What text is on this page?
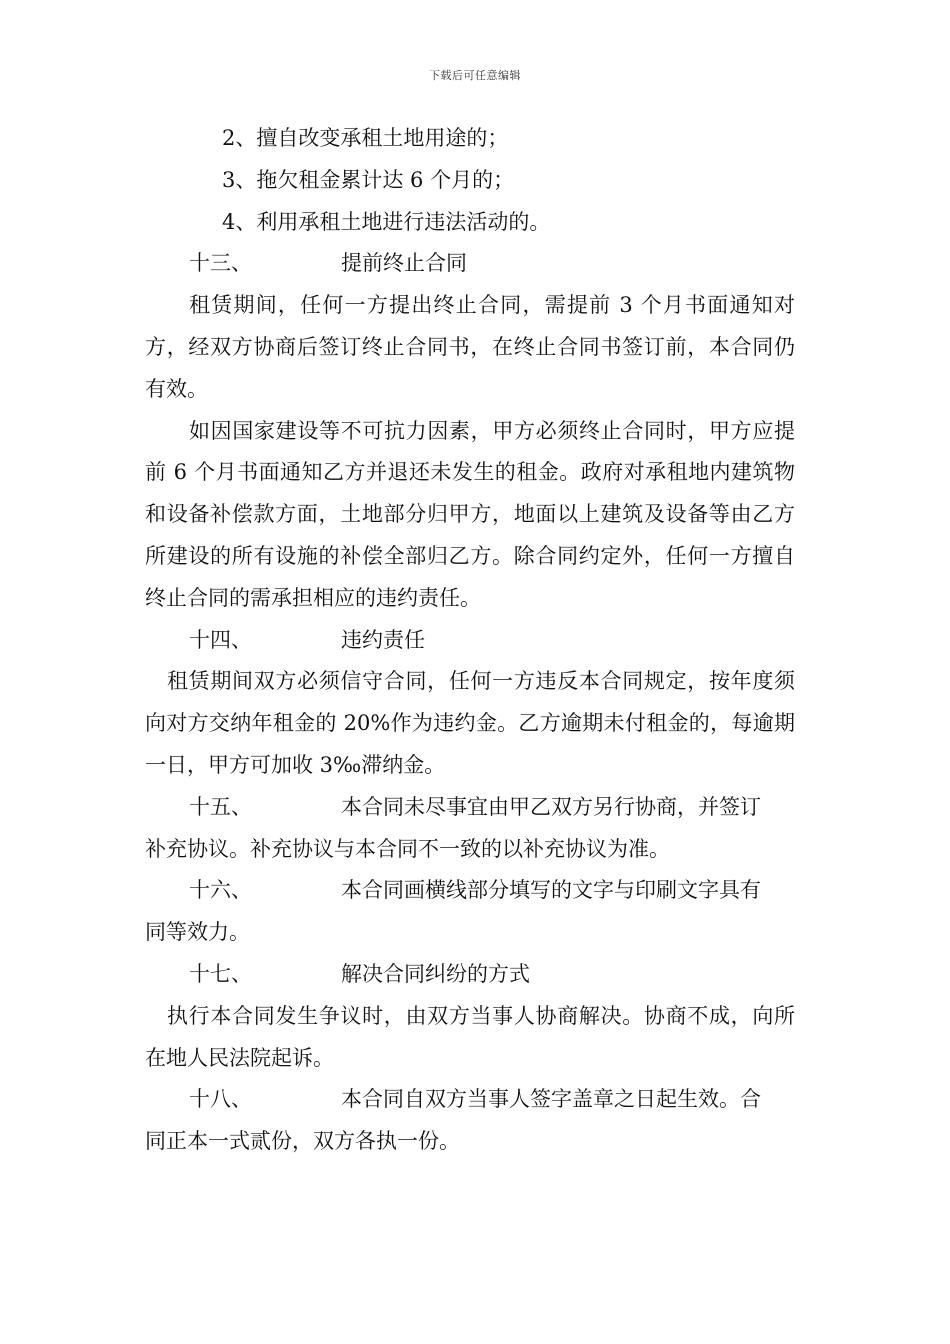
下载后可任意编辑

2、擅自改变承租土地用途的；

3、拖欠租金累计达 6 个月的；

4、利用承租土地进行违法活动的。

十三、	提前终止合同

租赁期间，任何一方提出终止合同，需提前 3 个月书面通知对方，经双方协商后签订终止合同书，在终止合同书签订前，本合同仍有效。

如因国家建设等不可抗力因素，甲方必须终止合同时，甲方应提前 6 个月书面通知乙方并退还未发生的租金。政府对承租地内建筑物和设备补偿款方面，土地部分归甲方，地面以上建筑及设备等由乙方所建设的所有设施的补偿全部归乙方。除合同约定外，任何一方擅自终止合同的需承担相应的违约责任。

十四、	违约责任

租赁期间双方必须信守合同，任何一方违反本合同规定，按年度须向对方交纳年租金的 20%作为违约金。乙方逾期未付租金的，每逾期一日，甲方可加收 3‰滞纳金。

十五、	本合同未尽事宜由甲乙双方另行协商，并签订

补充协议。补充协议与本合同不一致的以补充协议为准。

十六、	本合同画横线部分填写的文字与印刷文字具有

同等效力。

十七、	解决合同纠纷的方式

执行本合同发生争议时，由双方当事人协商解决。协商不成，向所在地人民法院起诉。

十八、	本合同自双方当事人签字盖章之日起生效。合

同正本一式贰份，双方各执一份。
